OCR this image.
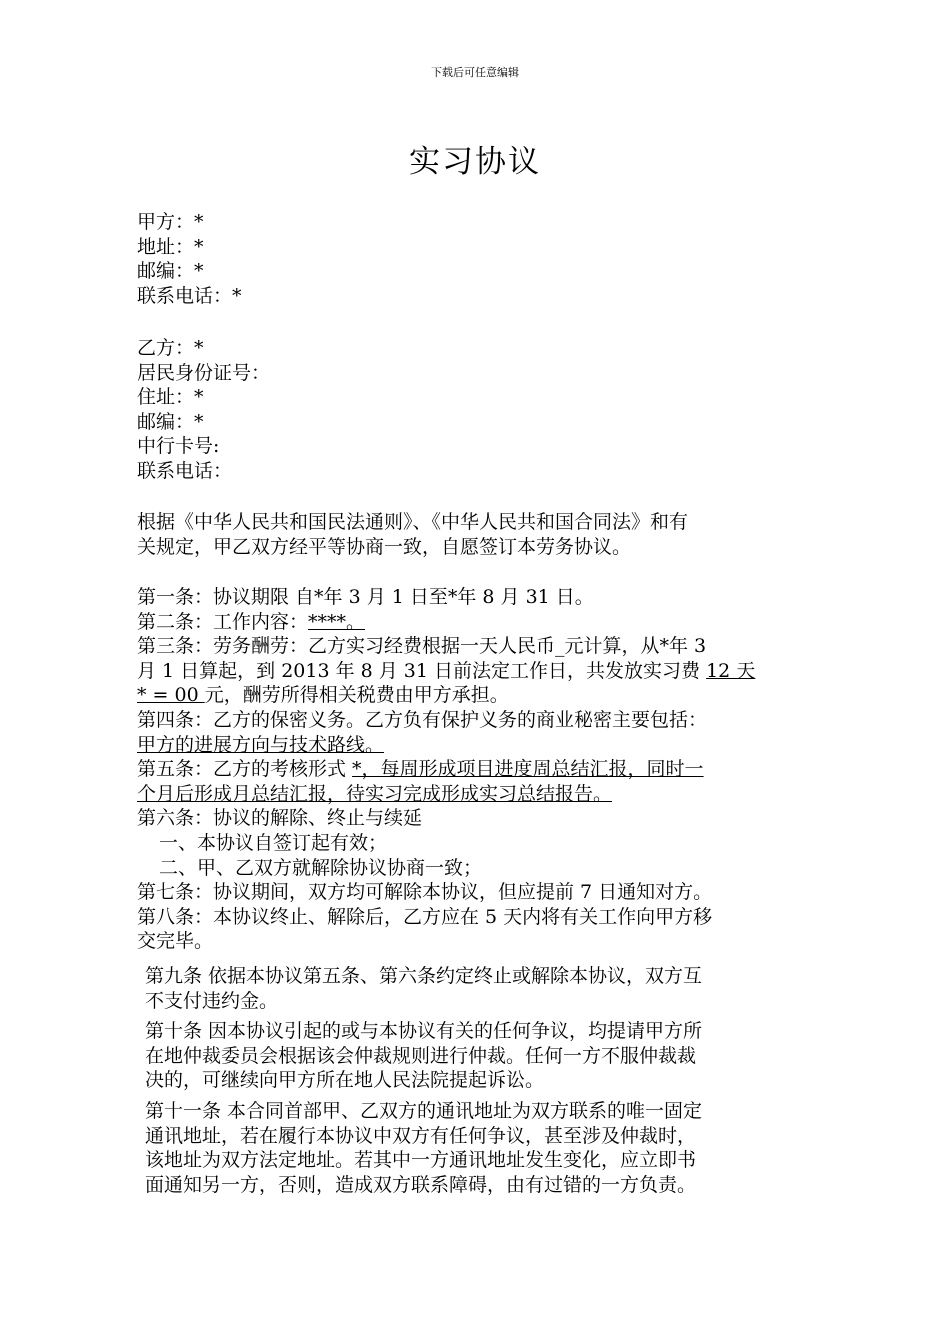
下载后可任意编辑
实习协议
甲方：*
地址：*
邮编：*
联系电话：*
乙方：*
居民身份证号：
住址：*
邮编：*
中行卡号:
联系电话：
根据《中华人民共和国民法通则》、《中华人民共和国合同法》和有
关规定，甲乙双方经平等协商一致，自愿签订本劳务协议。
第一条：协议期限 自*年 3 月 1 日至*年 8 月 31 日。
第二条：工作内容：****。
第三条：劳务酬劳：乙方实习经费根据一天人民币_元计算，从*年 3
月 1 日算起，到 2013 年 8 月 31 日前法定工作日，共发放实习费 12 天
* = 00 元，酬劳所得相关税费由甲方承担。
第四条：乙方的保密义务。乙方负有保护义务的商业秘密主要包括：
甲方的进展方向与技术路线。
第五条：乙方的考核形式 *，每周形成项目进度周总结汇报，同时一
个月后形成月总结汇报，待实习完成形成实习总结报告。
第六条：协议的解除、终止与续延
一、本协议自签订起有效；
二、甲、乙双方就解除协议协商一致；
第七条：协议期间，双方均可解除本协议，但应提前 7 日通知对方。
第八条：本协议终止、解除后，乙方应在 5 天内将有关工作向甲方移
交完毕。

第九条 依据本协议第五条、第六条约定终止或解除本协议，双方互
不支付违约金。

第十条 因本协议引起的或与本协议有关的任何争议，均提请甲方所
在地仲裁委员会根据该会仲裁规则进行仲裁。任何一方不服仲裁裁
决的，可继续向甲方所在地人民法院提起诉讼。

第十一条 本合同首部甲、乙双方的通讯地址为双方联系的唯一固定
通讯地址，若在履行本协议中双方有任何争议，甚至涉及仲裁时，
该地址为双方法定地址。若其中一方通讯地址发生变化，应立即书
面通知另一方，否则，造成双方联系障碍，由有过错的一方负责。
